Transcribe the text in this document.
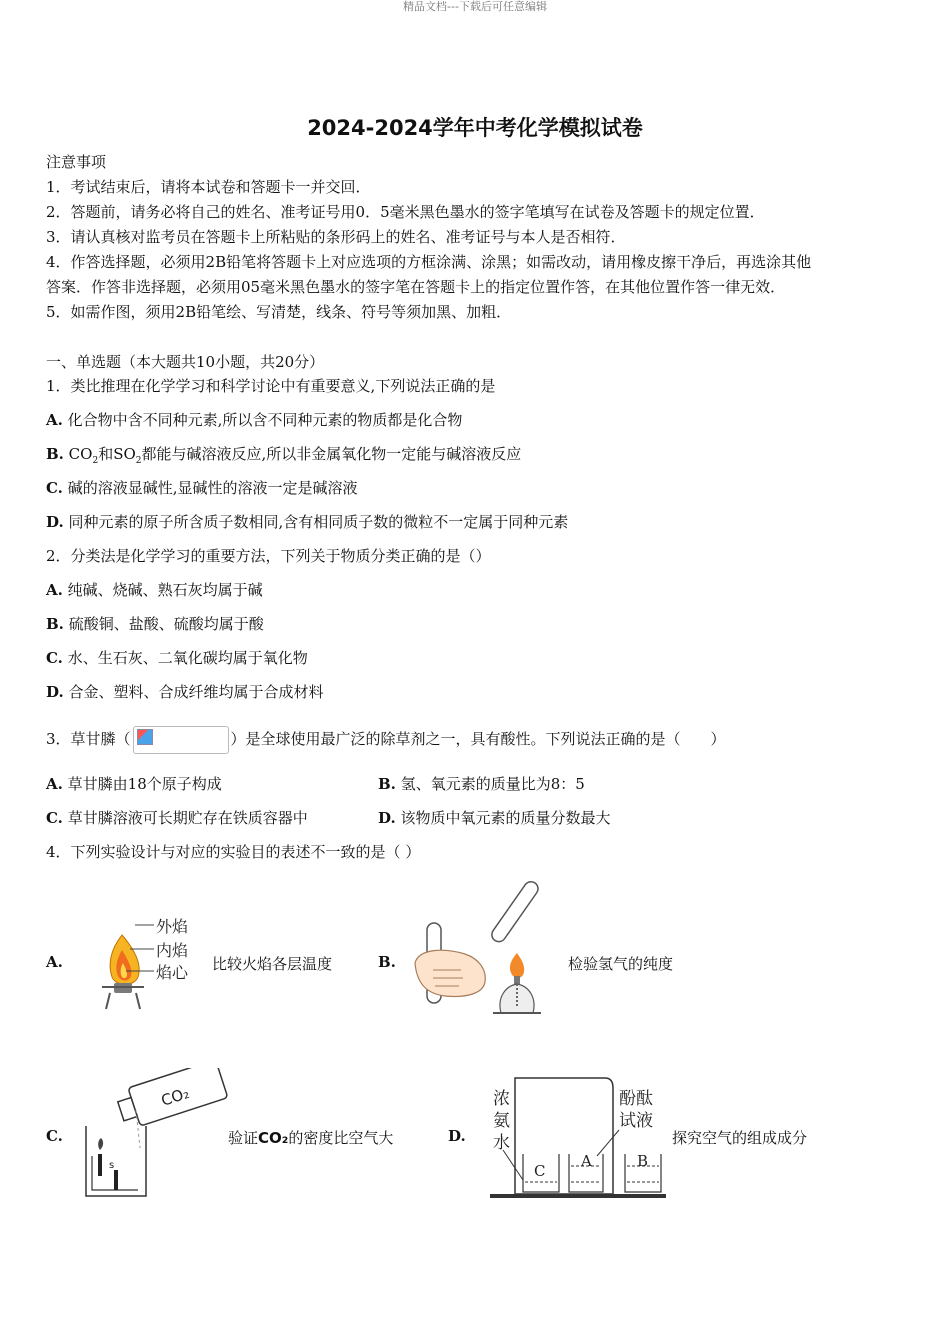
精品文档---下载后可任意编辑
2024-2024学年中考化学模拟试卷
注意事项
1．考试结束后，请将本试卷和答题卡一并交回．
2．答题前，请务必将自己的姓名、准考证号用0．5毫米黑色墨水的签字笔填写在试卷及答题卡的规定位置．
3．请认真核对监考员在答题卡上所粘贴的条形码上的姓名、准考证号与本人是否相符．
4．作答选择题，必须用2B铅笔将答题卡上对应选项的方框涂满、涂黑；如需改动，请用橡皮擦干净后，再选涂其他
答案．作答非选择题，必须用05毫米黑色墨水的签字笔在答题卡上的指定位置作答，在其他位置作答一律无效．
5．如需作图，须用2B铅笔绘、写清楚，线条、符号等须加黑、加粗．
一、单选题（本大题共10小题，共20分）
1．类比推理在化学学习和科学讨论中有重要意义,下列说法正确的是
A. 化合物中含不同种元素,所以含不同种元素的物质都是化合物
B. $CO_2$和$SO_2$都能与碱溶液反应,所以非金属氧化物一定能与碱溶液反应
C. 碱的溶液显碱性,显碱性的溶液一定是碱溶液
D. 同种元素的原子所含质子数相同,含有相同质子数的微粒不一定属于同种元素
2．分类法是化学学习的重要方法，下列关于物质分类正确的是（）
A. 纯碱、烧碱、熟石灰均属于碱
B. 硫酸铜、盐酸、硫酸均属于酸
C. 水、生石灰、二氧化碳均属于氧化物
D. 合金、塑料、合成纤维均属于合成材料
3．草甘膦（	）是全球使用最广泛的除草剂之一，具有酸性。下列说法正确的是（　　）
A. 草甘膦由18个原子构成	B. 氢、氧元素的质量比为8：5
C. 草甘膦溶液可长期贮存在铁质容器中	D. 该物质中氧元素的质量分数最大
4．下列实验设计与对应的实验目的表述不一致的是（ ）
A.
外焰
内焰
焰心 比较火焰各层温度	B.	检验氢气的纯度
C.
CO₂
s
验证CO₂的密度比空气大	D.
浓
氨
水
酚酞
试液
C
A	B
探究空气的组成成分
